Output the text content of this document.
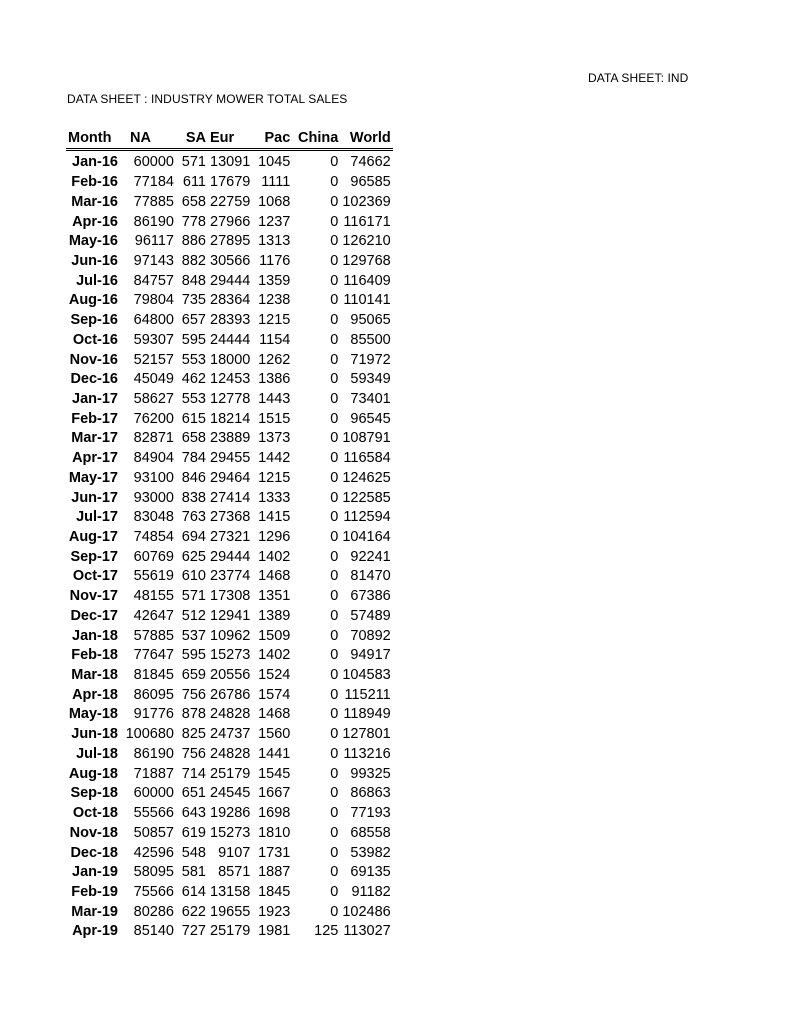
DATA SHEET: IND
DATA SHEET : INDUSTRY MOWER TOTAL SALES
Month	NA	SA	Eur	Pac	China	World
Jan-16	60000	571	13091	1045	0	74662
Feb-16	77184	611	17679	1111	0	96585
Mar-16	77885	658	22759	1068	0	102369
Apr-16	86190	778	27966	1237	0	116171
May-16	96117	886	27895	1313	0	126210
Jun-16	97143	882	30566	1176	0	129768
Jul-16	84757	848	29444	1359	0	116409
Aug-16	79804	735	28364	1238	0	110141
Sep-16	64800	657	28393	1215	0	95065
Oct-16	59307	595	24444	1154	0	85500
Nov-16	52157	553	18000	1262	0	71972
Dec-16	45049	462	12453	1386	0	59349
Jan-17	58627	553	12778	1443	0	73401
Feb-17	76200	615	18214	1515	0	96545
Mar-17	82871	658	23889	1373	0	108791
Apr-17	84904	784	29455	1442	0	116584
May-17	93100	846	29464	1215	0	124625
Jun-17	93000	838	27414	1333	0	122585
Jul-17	83048	763	27368	1415	0	112594
Aug-17	74854	694	27321	1296	0	104164
Sep-17	60769	625	29444	1402	0	92241
Oct-17	55619	610	23774	1468	0	81470
Nov-17	48155	571	17308	1351	0	67386
Dec-17	42647	512	12941	1389	0	57489
Jan-18	57885	537	10962	1509	0	70892
Feb-18	77647	595	15273	1402	0	94917
Mar-18	81845	659	20556	1524	0	104583
Apr-18	86095	756	26786	1574	0	115211
May-18	91776	878	24828	1468	0	118949
Jun-18	100680	825	24737	1560	0	127801
Jul-18	86190	756	24828	1441	0	113216
Aug-18	71887	714	25179	1545	0	99325
Sep-18	60000	651	24545	1667	0	86863
Oct-18	55566	643	19286	1698	0	77193
Nov-18	50857	619	15273	1810	0	68558
Dec-18	42596	548	9107	1731	0	53982
Jan-19	58095	581	8571	1887	0	69135
Feb-19	75566	614	13158	1845	0	91182
Mar-19	80286	622	19655	1923	0	102486
Apr-19	85140	727	25179	1981	125	113027
